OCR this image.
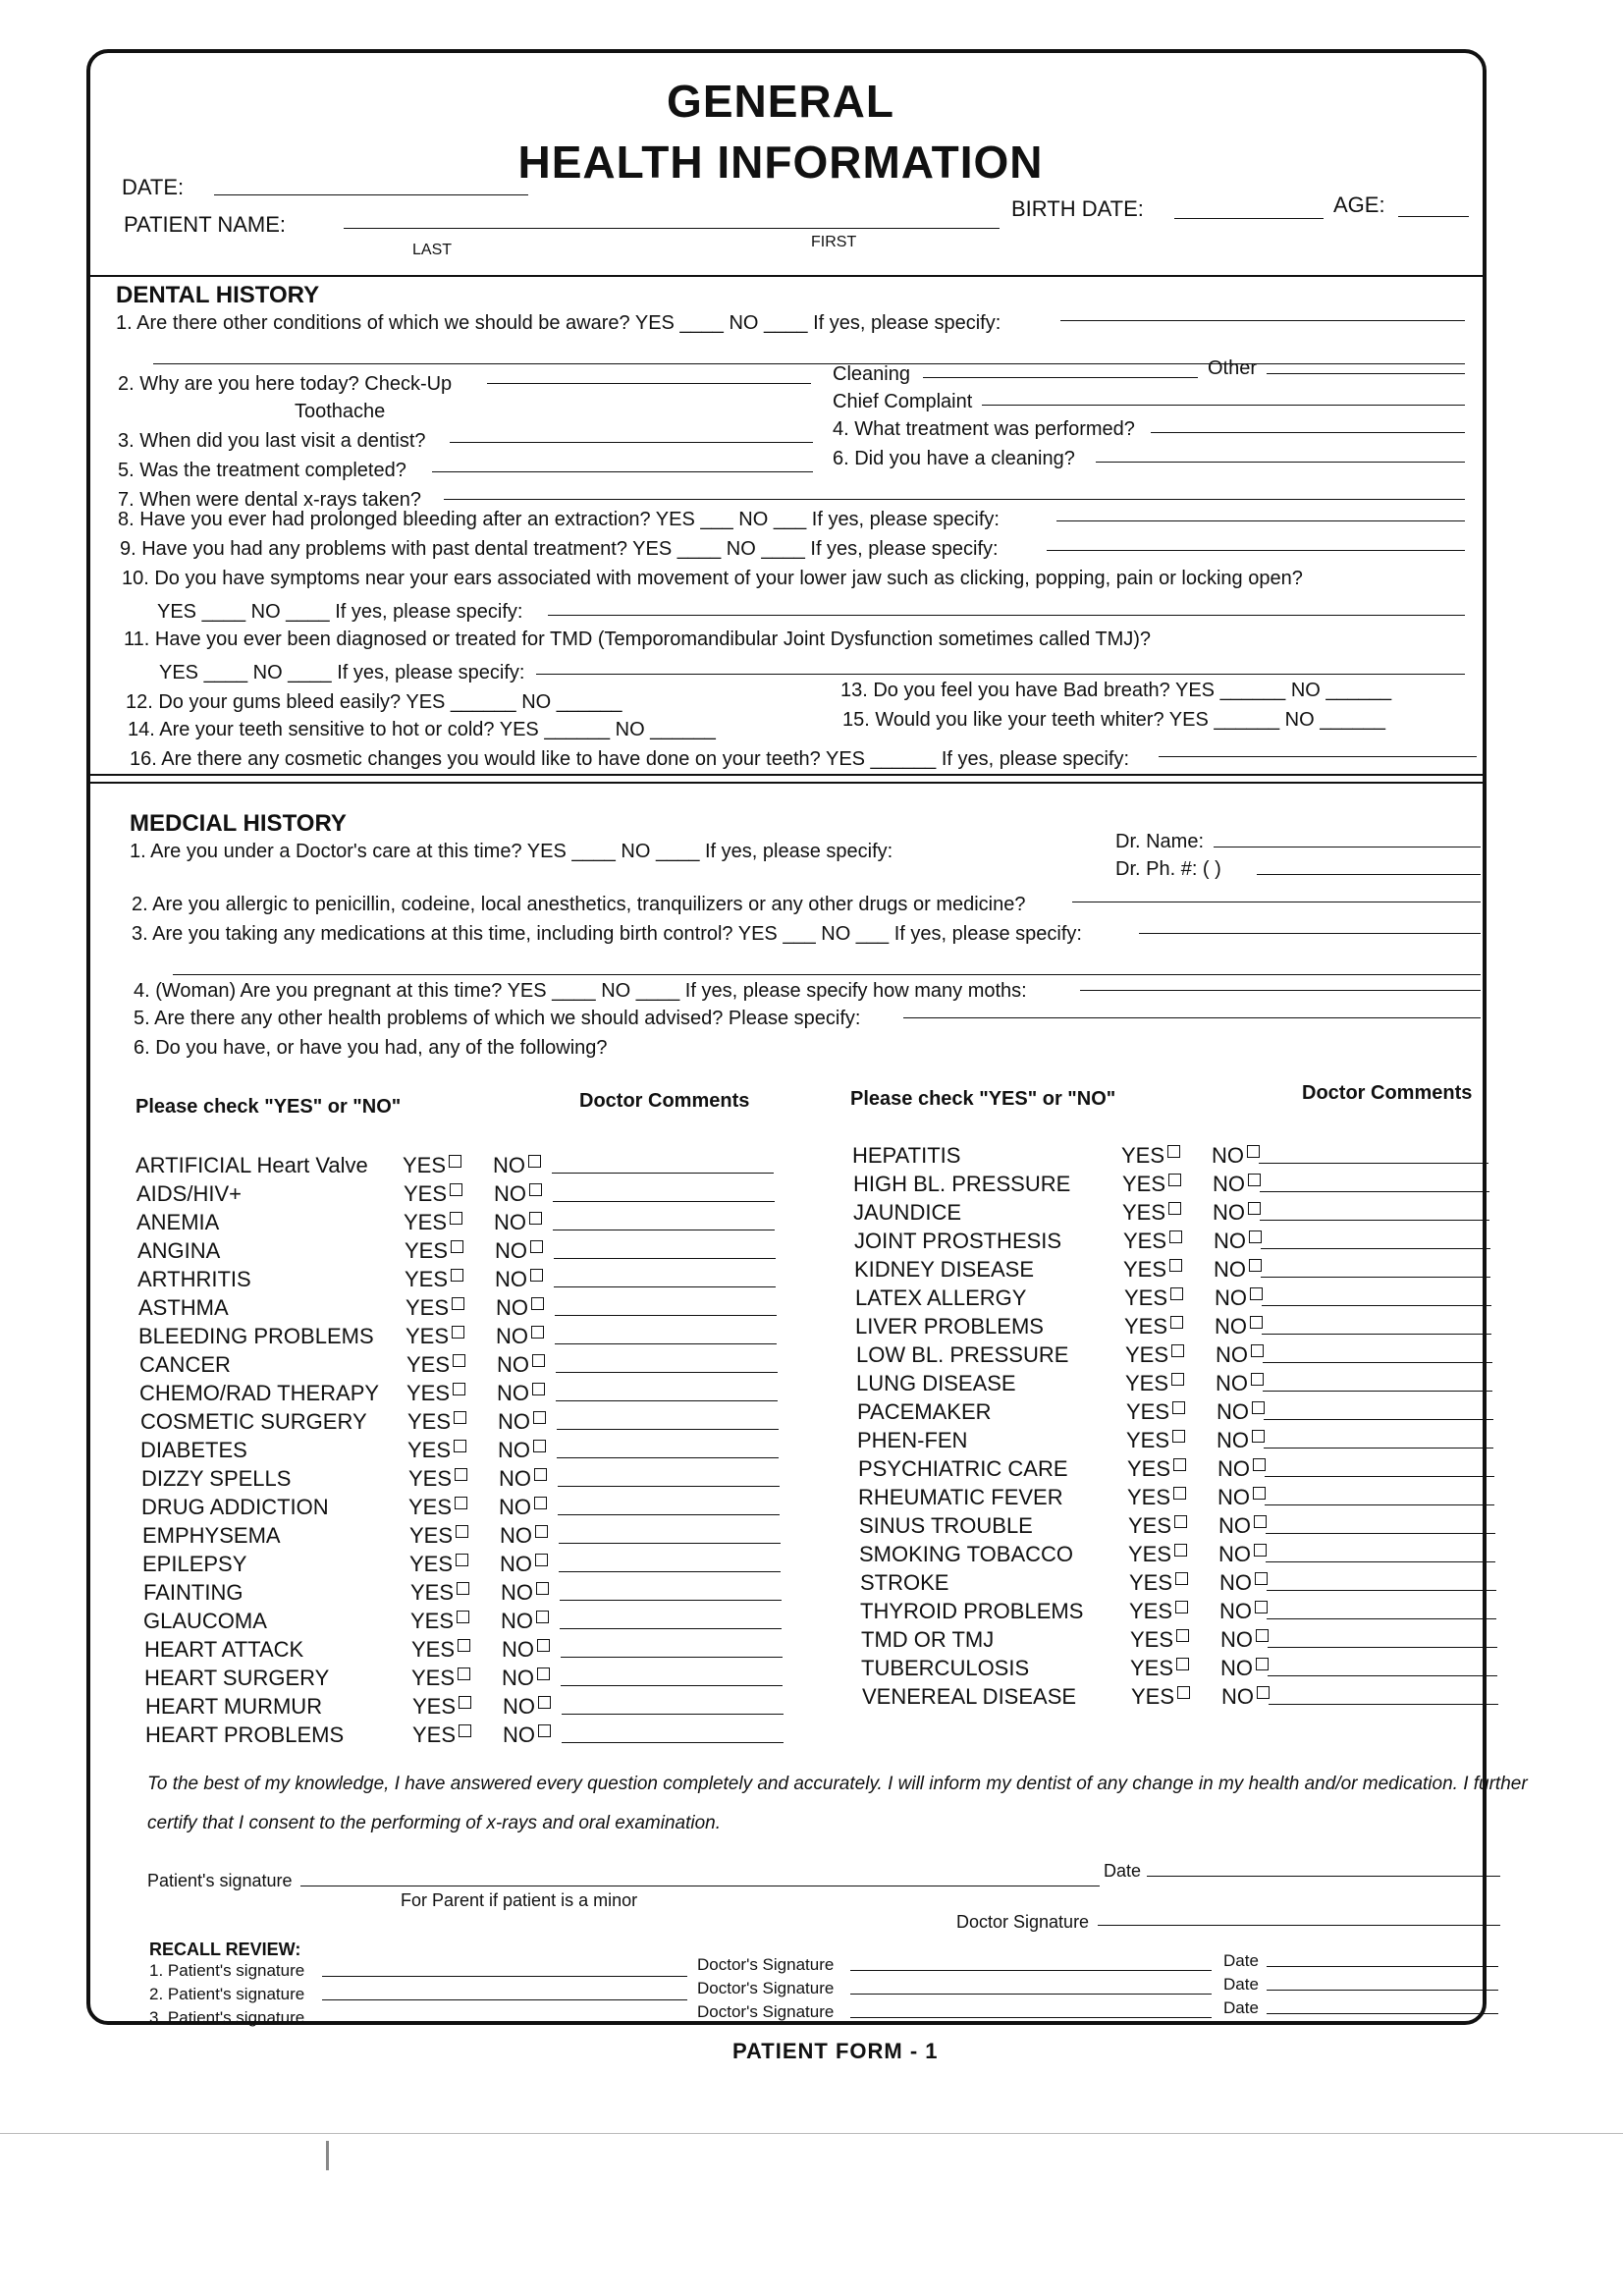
GENERAL
HEALTH INFORMATION
DATE:
PATIENT NAME:
LAST	FIRST
BIRTH DATE:	AGE:
DENTAL HISTORY
1. Are there other conditions of which we should be aware? YES ____ NO ____ If yes, please specify:
2. Why are you here today? Check-Up
Toothache
Cleaning	Other
Chief Complaint
3. When did you last visit a dentist?
4. What treatment was performed?
5. Was the treatment completed?
6. Did you have a cleaning?
7. When were dental x-rays taken?
8. Have you ever had prolonged bleeding after an extraction? YES ___ NO ___ If yes, please specify:
9. Have you had any problems with past dental treatment? YES ____ NO ____ If yes, please specify:
10. Do you have symptoms near your ears associated with movement of your lower jaw such as clicking, popping, pain or locking open?
YES ____ NO ____ If yes, please specify:
11. Have you ever been diagnosed or treated for TMD (Temporomandibular Joint Dysfunction sometimes called TMJ)?
YES ____ NO ____ If yes, please specify:
12. Do your gums bleed easily? YES ______ NO ______
13. Do you feel you have Bad breath? YES ______ NO ______
14. Are your teeth sensitive to hot or cold? YES ______ NO ______	15. Would you like your teeth whiter? YES ______ NO ______
16. Are there any cosmetic changes you would like to have done on your teeth? YES ______ If yes, please specify:
MEDCIAL HISTORY
1. Are you under a Doctor's care at this time? YES ____ NO ____ If yes, please specify:	Dr. Name:
Dr. Ph. #: ( )
2. Are you allergic to penicillin, codeine, local anesthetics, tranquilizers or any other drugs or medicine?
3. Are you taking any medications at this time, including birth control? YES ___ NO ___ If yes, please specify:
4. (Woman) Are you pregnant at this time? YES ____ NO ____ If yes, please specify how many moths:
5. Are there any other health problems of which we should advised? Please specify:
6. Do you have, or have you had, any of the following?
Please check "YES" or "NO"	Doctor Comments	Please check "YES" or "NO"	Doctor Comments
ARTIFICIAL Heart Valve YES	NO
AIDS/HIV+	YES	NO
ANEMIA	YES	NO
ANGINA	YES	NO
ARTHRITIS	YES	NO
ASTHMA	YES	NO
BLEEDING PROBLEMS YES	NO
CANCER	YES	NO
CHEMO/RAD THERAPY YES	NO
COSMETIC SURGERY YES	NO
DIABETES	YES	NO
DIZZY SPELLS	YES	NO
DRUG ADDICTION	YES	NO
EMPHYSEMA	YES	NO
EPILEPSY	YES	NO
FAINTING	YES	NO
GLAUCOMA	YES	NO
HEART ATTACK	YES	NO
HEART SURGERY	YES	NO
HEART MURMUR	YES	NO
HEART PROBLEMS	YES	NO
HEPATITIS	YES	NO
HIGH BL. PRESSURE YES	NO
JAUNDICE	YES	NO
JOINT PROSTHESIS	YES	NO
KIDNEY DISEASE	YES	NO
LATEX ALLERGY	YES	NO
LIVER PROBLEMS	YES	NO
LOW BL. PRESSURE	YES	NO
LUNG DISEASE	YES	NO
PACEMAKER	YES	NO
PHEN-FEN	YES	NO
PSYCHIATRIC CARE	YES	NO
RHEUMATIC FEVER	YES	NO
SINUS TROUBLE	YES	NO
SMOKING TOBACCO	YES	NO
STROKE	YES	NO
THYROID PROBLEMS YES	NO
TMD OR TMJ	YES	NO
TUBERCULOSIS	YES	NO
VENEREAL DISEASE	YES	NO
To the best of my knowledge, I have answered every question completely and accurately. I will inform my dentist of any change in my health and/or medication. I further
certify that I consent to the performing of x-rays and oral examination.
Patient's signature	Date
For Parent if patient is a minor
Doctor Signature
RECALL REVIEW:
1. Patient's signature	Doctor's Signature	Date
2. Patient's signature	Doctor's Signature	Date
3. Patient's signature	Doctor's Signature	Date
PATIENT FORM - 1
